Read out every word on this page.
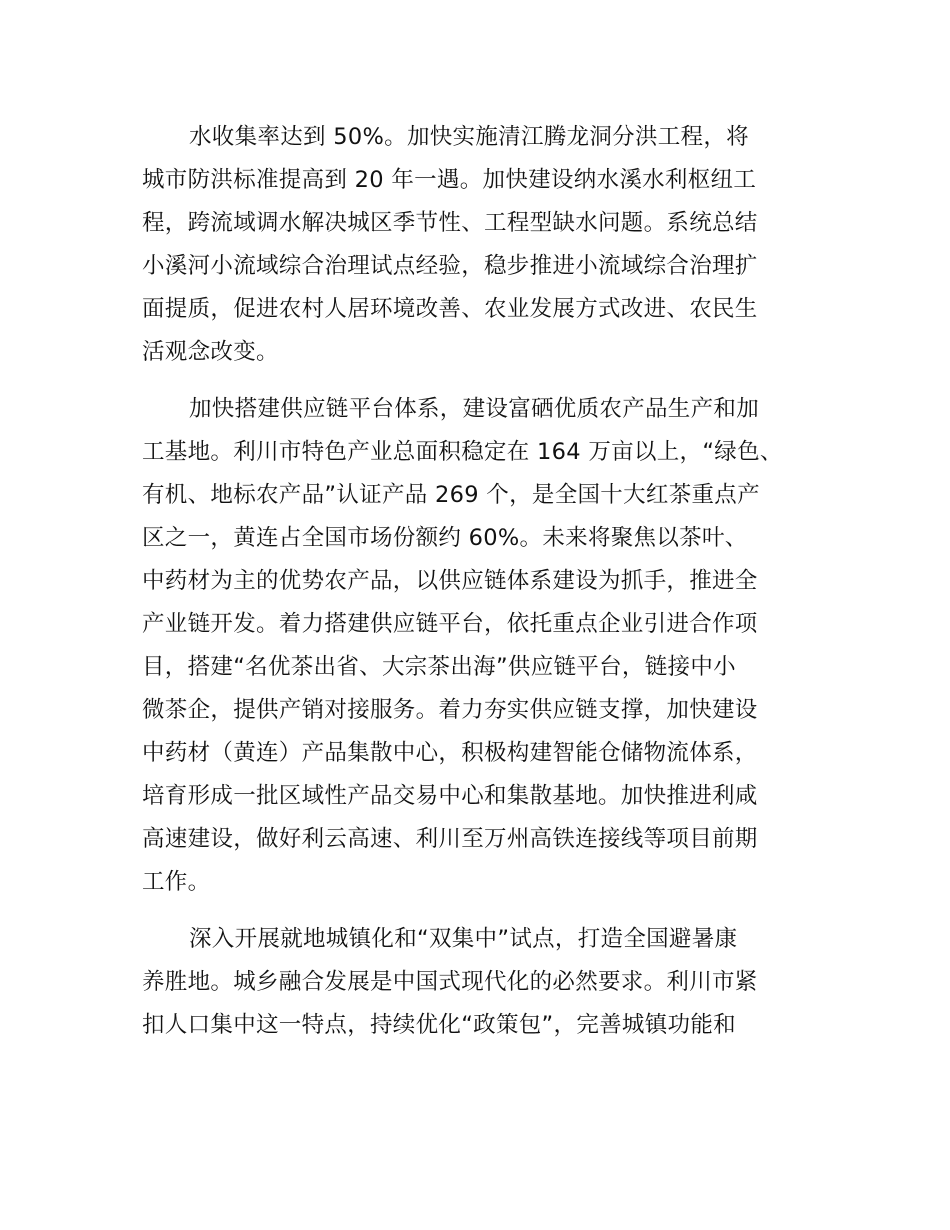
水收集率达到 50%。加快实施清江腾龙洞分洪工程，将
城市防洪标准提高到 20 年一遇。加快建设纳水溪水利枢纽工
程，跨流域调水解决城区季节性、工程型缺水问题。系统总结
小溪河小流域综合治理试点经验，稳步推进小流域综合治理扩
面提质，促进农村人居环境改善、农业发展方式改进、农民生
活观念改变。

加快搭建供应链平台体系，建设富硒优质农产品生产和加
工基地。利川市特色产业总面积稳定在 164 万亩以上，“绿色、
有机、地标农产品”认证产品 269 个，是全国十大红茶重点产
区之一，黄连占全国市场份额约 60%。未来将聚焦以茶叶、
中药材为主的优势农产品，以供应链体系建设为抓手，推进全
产业链开发。着力搭建供应链平台，依托重点企业引进合作项
目，搭建“名优茶出省、大宗茶出海”供应链平台，链接中小
微茶企，提供产销对接服务。着力夯实供应链支撑，加快建设
中药材（黄连）产品集散中心，积极构建智能仓储物流体系，
培育形成一批区域性产品交易中心和集散基地。加快推进利咸
高速建设，做好利云高速、利川至万州高铁连接线等项目前期
工作。

深入开展就地城镇化和“双集中”试点，打造全国避暑康
养胜地。城乡融合发展是中国式现代化的必然要求。利川市紧
扣人口集中这一特点，持续优化“政策包”，完善城镇功能和
